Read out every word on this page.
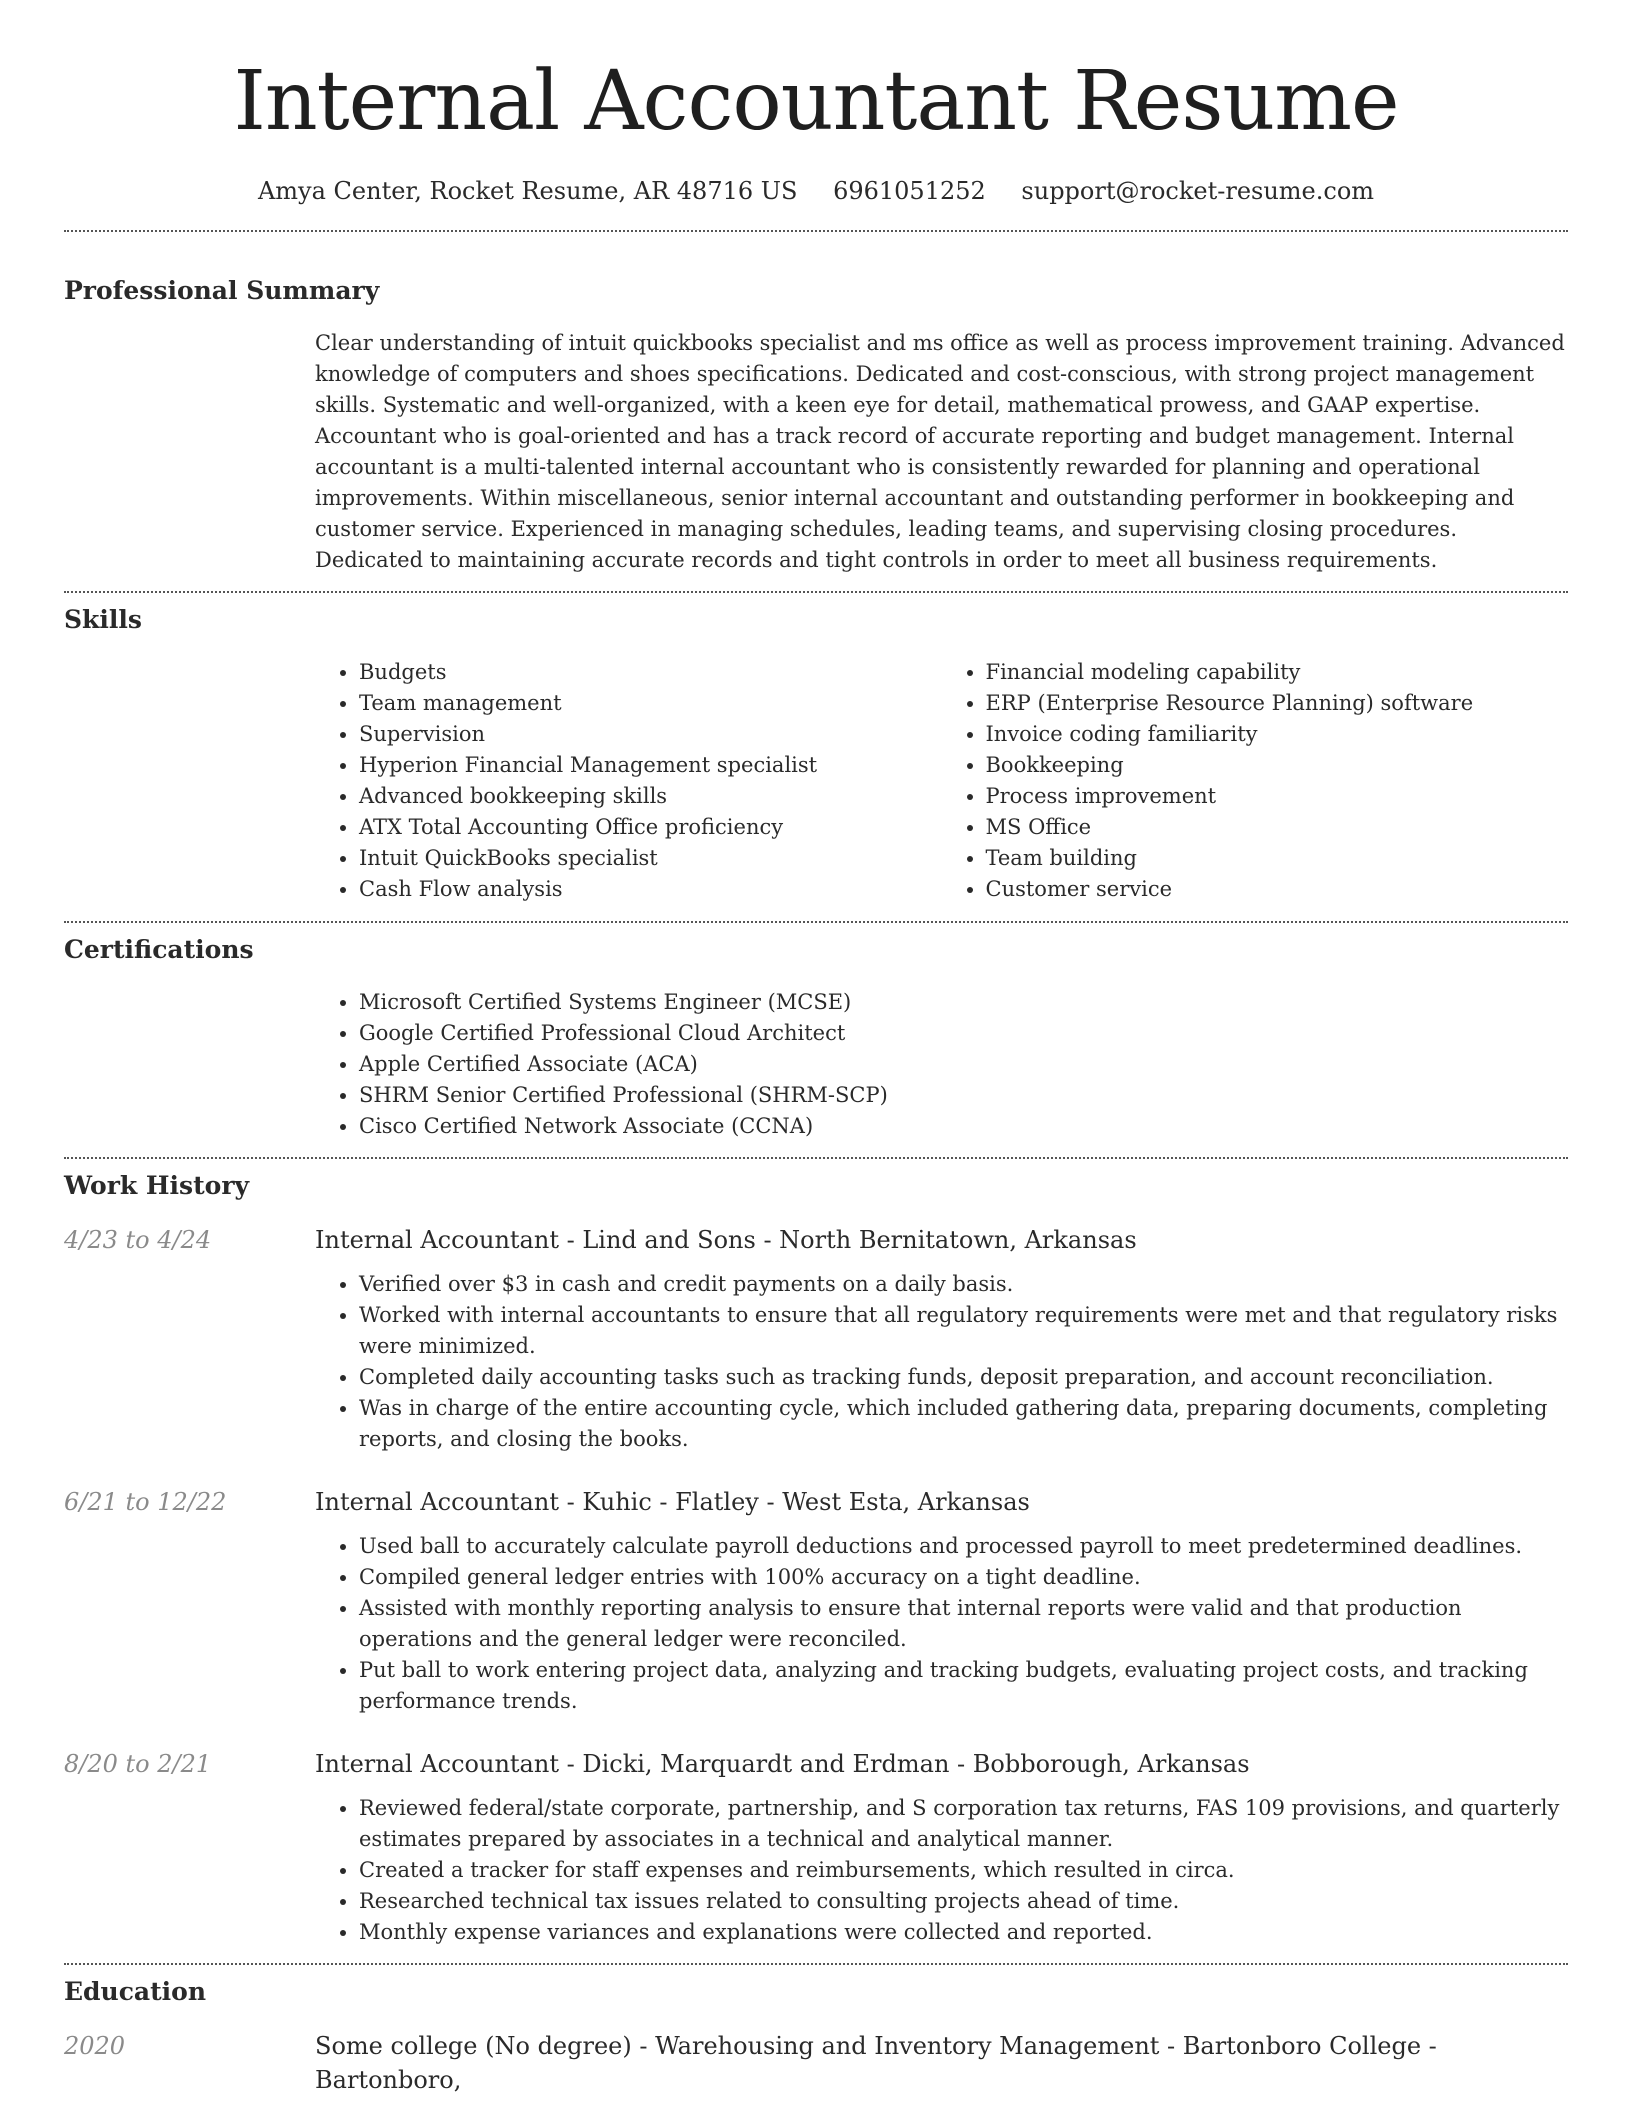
Internal Accountant Resume
Amya Center, Rocket Resume, AR 48716 US 6961051252 support@rocket-resume.com
Professional Summary
Clear understanding of intuit quickbooks specialist and ms office as well as process improvement training. Advanced knowledge of computers and shoes specifications. Dedicated and cost-conscious, with strong project management skills. Systematic and well-organized, with a keen eye for detail, mathematical prowess, and GAAP expertise. Accountant who is goal-oriented and has a track record of accurate reporting and budget management. Internal accountant is a multi-talented internal accountant who is consistently rewarded for planning and operational improvements. Within miscellaneous, senior internal accountant and outstanding performer in bookkeeping and customer service. Experienced in managing schedules, leading teams, and supervising closing procedures. Dedicated to maintaining accurate records and tight controls in order to meet all business requirements.
Skills
• Budgets
• Team management
• Supervision
• Hyperion Financial Management specialist
• Advanced bookkeeping skills
• ATX Total Accounting Office proficiency
• Intuit QuickBooks specialist
• Cash Flow analysis
• Financial modeling capability
• ERP (Enterprise Resource Planning) software
• Invoice coding familiarity
• Bookkeeping
• Process improvement
• MS Office
• Team building
• Customer service
Certifications
• Microsoft Certified Systems Engineer (MCSE)
• Google Certified Professional Cloud Architect
• Apple Certified Associate (ACA)
• SHRM Senior Certified Professional (SHRM-SCP)
• Cisco Certified Network Associate (CCNA)
Work History
4/23 to 4/24	Internal Accountant - Lind and Sons - North Bernitatown, Arkansas
• Verified over $3 in cash and credit payments on a daily basis.
• Worked with internal accountants to ensure that all regulatory requirements were met and that regulatory risks were minimized.
• Completed daily accounting tasks such as tracking funds, deposit preparation, and account reconciliation.
• Was in charge of the entire accounting cycle, which included gathering data, preparing documents, completing reports, and closing the books.
6/21 to 12/22	Internal Accountant - Kuhic - Flatley - West Esta, Arkansas
• Used ball to accurately calculate payroll deductions and processed payroll to meet predetermined deadlines.
• Compiled general ledger entries with 100% accuracy on a tight deadline.
• Assisted with monthly reporting analysis to ensure that internal reports were valid and that production operations and the general ledger were reconciled.
• Put ball to work entering project data, analyzing and tracking budgets, evaluating project costs, and tracking performance trends.
8/20 to 2/21	Internal Accountant - Dicki, Marquardt and Erdman - Bobborough, Arkansas
• Reviewed federal/state corporate, partnership, and S corporation tax returns, FAS 109 provisions, and quarterly estimates prepared by associates in a technical and analytical manner.
• Created a tracker for staff expenses and reimbursements, which resulted in circa.
• Researched technical tax issues related to consulting projects ahead of time.
• Monthly expense variances and explanations were collected and reported.
Education
2020	Some college (No degree) - Warehousing and Inventory Management - Bartonboro College - Bartonboro,
